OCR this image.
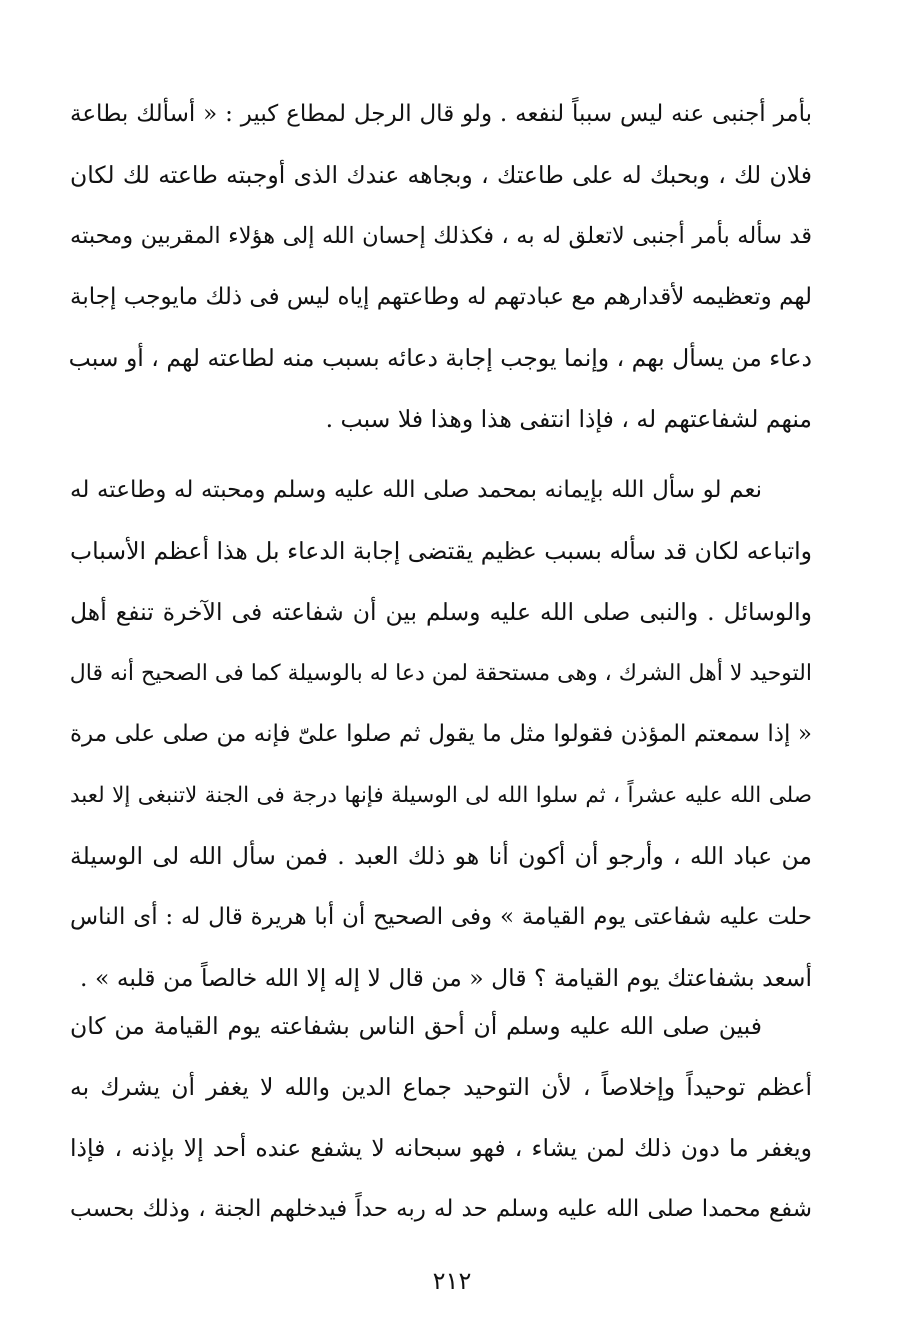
بأمر أجنبى عنه ليس سبباً لنفعه . ولو قال الرجل لمطاع كبير : « أسألك بطاعة
فلان لك ، وبحبك له على طاعتك ، وبجاهه عندك الذى أوجبته طاعته لك لكان
قد سأله بأمر أجنبى لاتعلق له به ، فكذلك إحسان الله إلى هؤلاء المقربين ومحبته
لهم وتعظيمه لأقدارهم مع عبادتهم له وطاعتهم إياه ليس فى ذلك مايوجب إجابة
دعاء من يسأل بهم ، وإنما يوجب إجابة دعائه بسبب منه لطاعته لهم ، أو سبب
منهم لشفاعتهم له ، فإذا انتفى هذا وهذا فلا سبب .
نعم لو سأل الله بإيمانه بمحمد صلى الله عليه وسلم ومحبته له وطاعته له
واتباعه لكان قد سأله بسبب عظيم يقتضى إجابة الدعاء بل هذا أعظم الأسباب
والوسائل . والنبى صلى الله عليه وسلم بين أن شفاعته فى الآخرة تنفع أهل
التوحيد لا أهل الشرك ، وهى مستحقة لمن دعا له بالوسيلة كما فى الصحيح أنه قال
« إذا سمعتم المؤذن فقولوا مثل ما يقول ثم صلوا علىّ فإنه من صلى على مرة
صلى الله عليه عشراً ، ثم سلوا الله لى الوسيلة فإنها درجة فى الجنة لاتنبغى إلا لعبد
من عباد الله ، وأرجو أن أكون أنا هو ذلك العبد . فمن سأل الله لى الوسيلة
حلت عليه شفاعتى يوم القيامة » وفى الصحيح أن أبا هريرة قال له : أى الناس
أسعد بشفاعتك يوم القيامة ؟ قال « من قال لا إله إلا الله خالصاً من قلبه » .
فبين صلى الله عليه وسلم أن أحق الناس بشفاعته يوم القيامة من كان
أعظم توحيداً وإخلاصاً ، لأن التوحيد جماع الدين والله لا يغفر أن يشرك به
ويغفر ما دون ذلك لمن يشاء ، فهو سبحانه لا يشفع عنده أحد إلا بإذنه ، فإذا
شفع محمدا صلى الله عليه وسلم حد له ربه حداً فيدخلهم الجنة ، وذلك بحسب
٢١٢
